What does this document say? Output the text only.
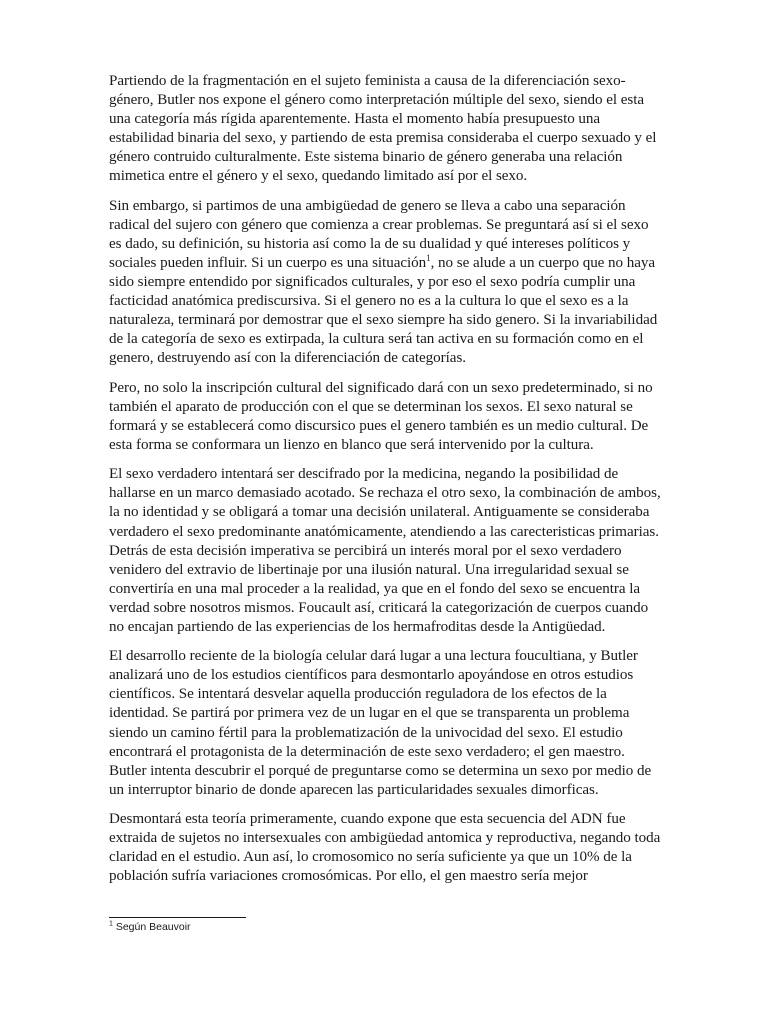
Partiendo de la fragmentación en el sujeto feminista a causa de la diferenciación sexo-género, Butler nos expone el género como interpretación múltiple del sexo, siendo el esta una categoría más rígida aparentemente. Hasta el momento había presupuesto una estabilidad binaria del sexo, y partiendo de esta premisa consideraba el cuerpo sexuado y el género contruido culturalmente. Este sistema binario de género generaba una relación mimetica entre el género y el sexo, quedando limitado así por el sexo.

Sin embargo, si partimos de una ambigüedad de genero se lleva a cabo una separación radical del sujero con género que comienza a crear problemas. Se preguntará así si el sexo es dado, su definición, su historia así como la de su dualidad y qué intereses políticos y sociales pueden influir. Si un cuerpo es una situación$^1$, no se alude a un cuerpo que no haya sido siempre entendido por significados culturales, y por eso el sexo podría cumplir una facticidad anatómica prediscursiva. Si el genero no es a la cultura lo que el sexo es a la naturaleza, terminará por demostrar que el sexo siempre ha sido genero. Si la invariabilidad de la categoría de sexo es extirpada, la cultura será tan activa en su formación como en el genero, destruyendo así con la diferenciación de categorías.

Pero, no solo la inscripción cultural del significado dará con un sexo predeterminado, si no también el aparato de producción con el que se determinan los sexos. El sexo natural se formará y se establecerá como discursico pues el genero también es un medio cultural. De esta forma se conformara un lienzo en blanco que será intervenido por la cultura.

El sexo verdadero intentará ser descifrado por la medicina, negando la posibilidad de hallarse en un marco demasiado acotado. Se rechaza el otro sexo, la combinación de ambos, la no identidad y se obligará a tomar una decisión unilateral. Antiguamente se consideraba verdadero el sexo predominante anatómicamente, atendiendo a las carecteristicas primarias. Detrás de esta decisión imperativa se percibirá un interés moral por el sexo verdadero venidero del extravio de libertinaje por una ilusión natural. Una irregularidad sexual se convertiría en una mal proceder a la realidad, ya que en el fondo del sexo se encuentra la verdad sobre nosotros mismos. Foucault así, criticará la categorización de cuerpos cuando no encajan partiendo de las experiencias de los hermafroditas desde la Antigüedad.

El desarrollo reciente de la biología celular dará lugar a una lectura foucultiana, y Butler analizará uno de los estudios científicos para desmontarlo apoyándose en otros estudios científicos. Se intentará desvelar aquella producción reguladora de los efectos de la identidad. Se partirá por primera vez de un lugar en el que se transparenta un problema siendo un camino fértil para la problematización de la univocidad del sexo. El estudio encontrará el protagonista de la determinación de este sexo verdadero; el gen maestro. Butler intenta descubrir el porqué de preguntarse como se determina un sexo por medio de un interruptor binario de donde aparecen las particularidades sexuales dimorficas.

Desmontará esta teoría primeramente, cuando expone que esta secuencia del ADN fue extraida de sujetos no intersexuales con ambigüedad antomica y reproductiva, negando toda claridad en el estudio. Aun así, lo cromosomico no sería suficiente ya que un 10% de la población sufría variaciones cromosómicas. Por ello, el gen maestro sería mejor

$^1$ Según Beauvoir
